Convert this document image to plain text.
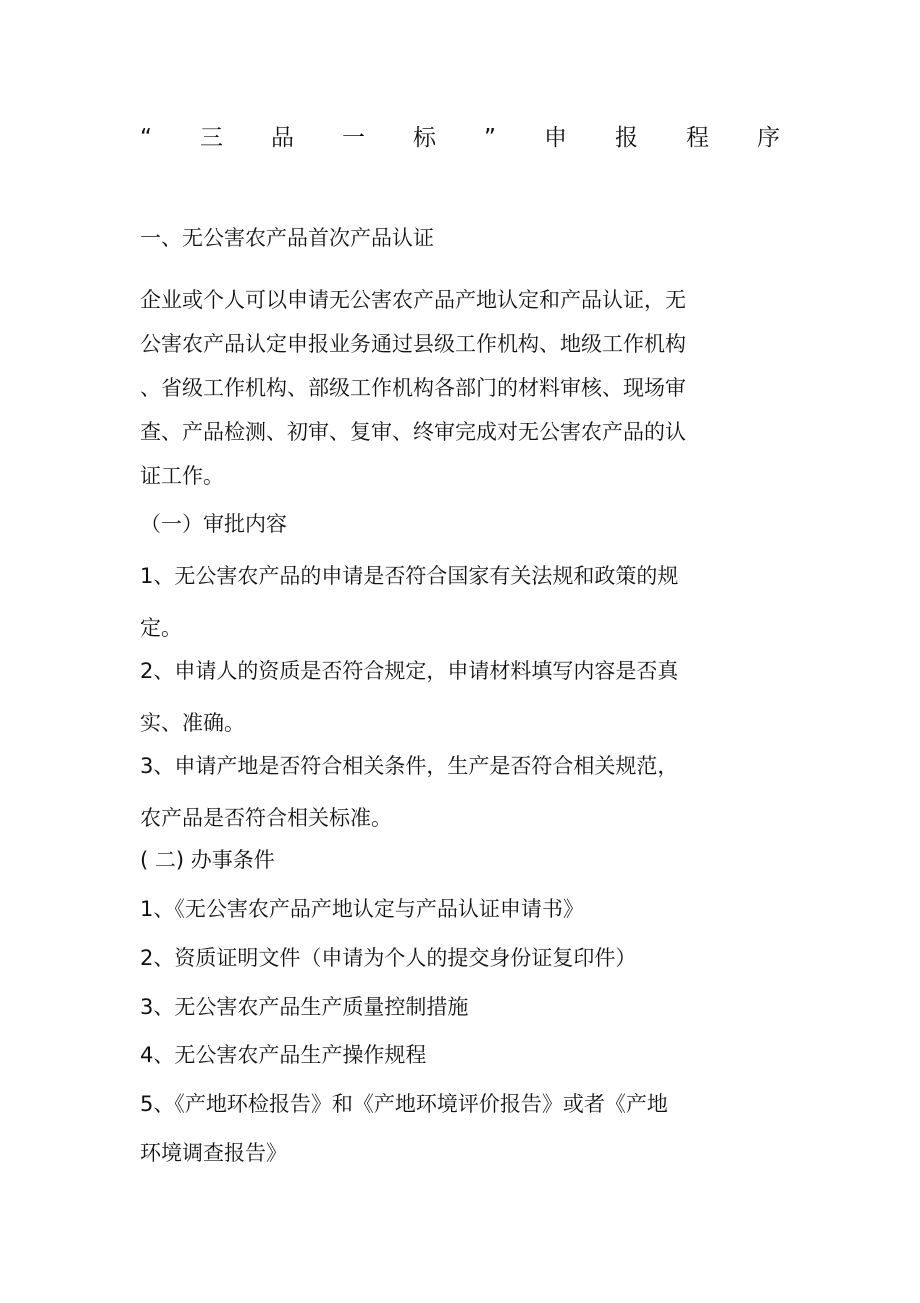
“ 三 品 一 标 ” 申 报 程 序

一、无公害农产品首次产品认证

企业或个人可以申请无公害农产品产地认定和产品认证，无
公害农产品认定申报业务通过县级工作机构、地级工作机构
、省级工作机构、部级工作机构各部门的材料审核、现场审
查、产品检测、初审、复审、终审完成对无公害农产品的认
证工作。

（一）审批内容

1、无公害农产品的申请是否符合国家有关法规和政策的规
定。
2、申请人的资质是否符合规定，申请材料填写内容是否真
实、准确。
3、申请产地是否符合相关条件，生产是否符合相关规范，
农产品是否符合相关标准。

( 二) 办事条件

1、《无公害农产品产地认定与产品认证申请书》

2、资质证明文件（申请为个人的提交身份证复印件）

3、无公害农产品生产质量控制措施

4、无公害农产品生产操作规程

5、《产地环检报告》和《产地环境评价报告》或者《产地

环境调查报告》
